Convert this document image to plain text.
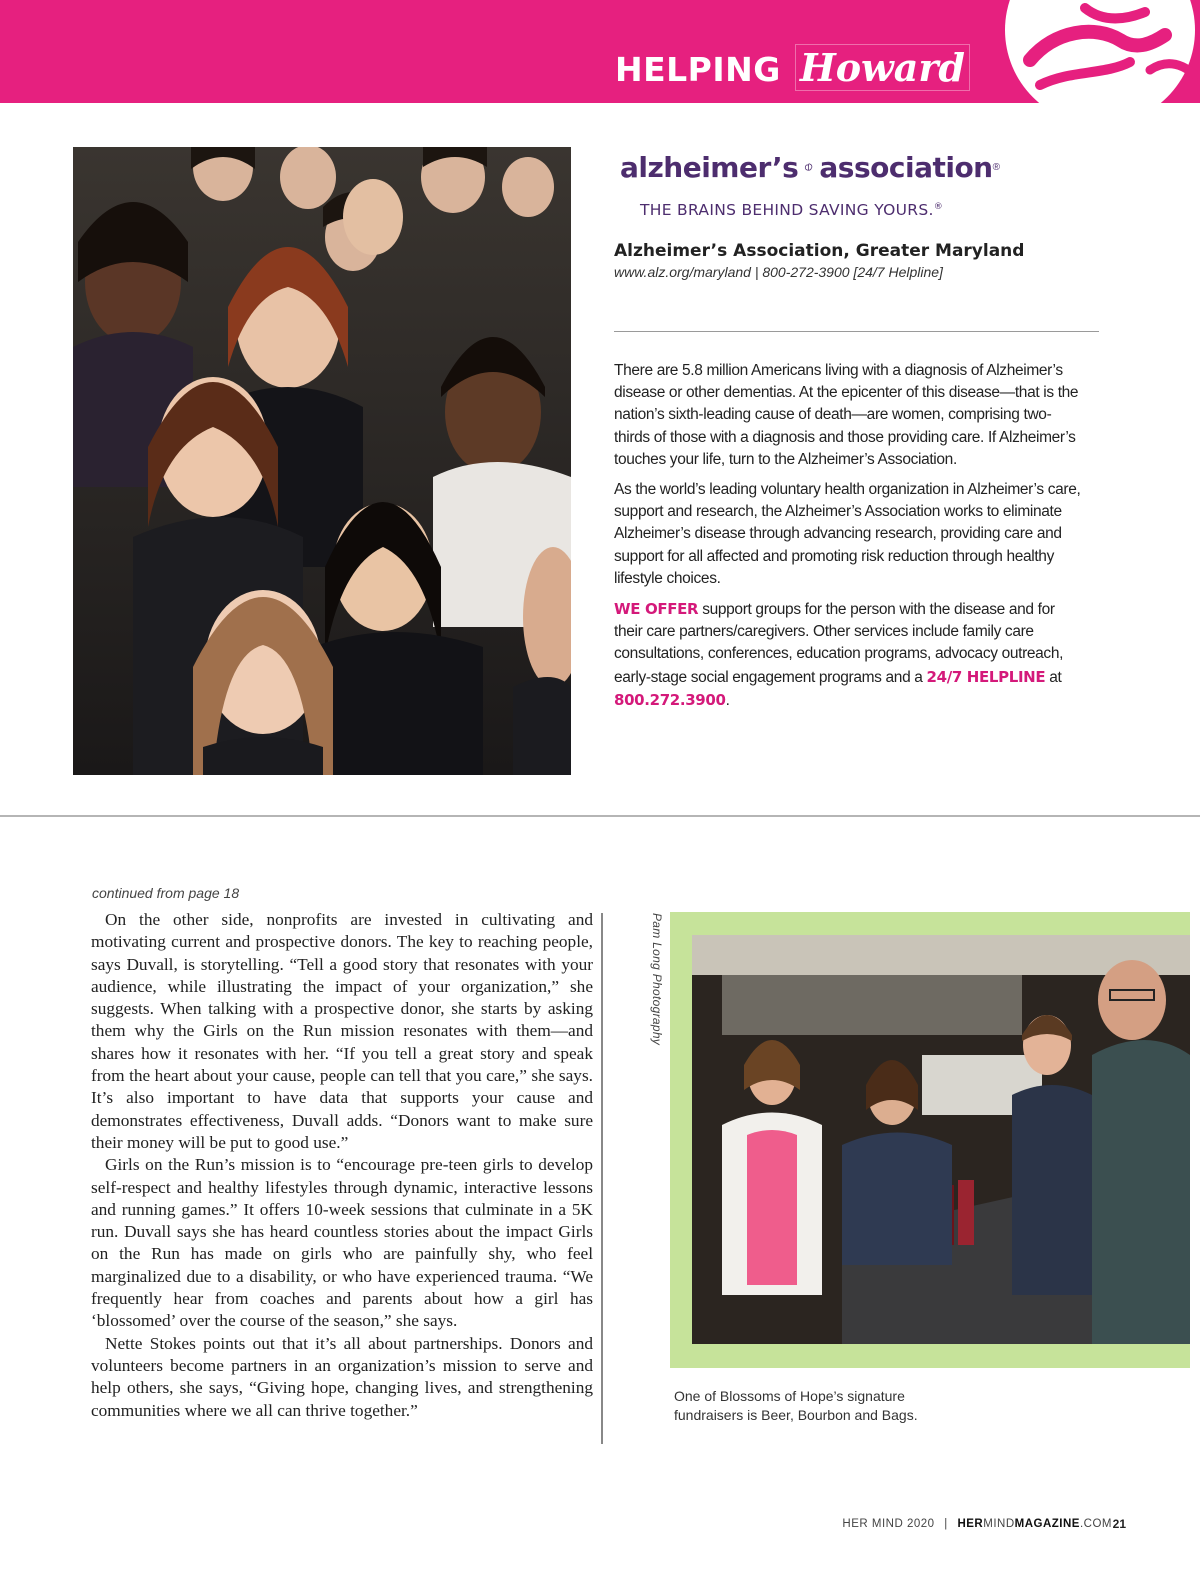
HELPING Howard
alzheimer’s association ®
THE BRAINS BEHIND SAVING YOURS.®
Alzheimer’s Association, Greater Maryland
www.alz.org/maryland | 800-272-3900 [24/7 Helpline]

There are 5.8 million Americans living with a diagnosis of Alzheimer’s disease or other dementias. At the epicenter of this disease—that is the nation’s sixth-leading cause of death—are women, comprising two-thirds of those with a diagnosis and those providing care. If Alzheimer’s touches your life, turn to the Alzheimer’s Association.

As the world’s leading voluntary health organization in Alzheimer’s care, support and research, the Alzheimer’s Association works to eliminate Alzheimer’s disease through advancing research, providing care and support for all affected and promoting risk reduction through healthy lifestyle choices.

WE OFFER support groups for the person with the disease and for their care partners/caregivers. Other services include family care consultations, conferences, education programs, advocacy outreach, early-stage social engagement programs and a 24/7 HELPLINE at 800.272.3900.

continued from page 18

On the other side, nonprofits are invested in cultivating and motivating current and prospective donors. The key to reaching people, says Duvall, is storytelling. “Tell a good story that resonates with your audience, while illustrating the impact of your organization,” she suggests. When talking with a prospective donor, she starts by asking them why the Girls on the Run mission resonates with them—and shares how it resonates with her. “If you tell a great story and speak from the heart about your cause, people can tell that you care,” she says. It’s also important to have data that supports your cause and demonstrates effectiveness, Duvall adds. “Donors want to make sure their money will be put to good use.”

Girls on the Run’s mission is to “encourage pre-teen girls to develop self-respect and healthy lifestyles through dynamic, interactive lessons and running games.” It offers 10-week sessions that culminate in a 5K run. Duvall says she has heard countless stories about the impact Girls on the Run has made on girls who are painfully shy, who feel marginalized due to a disability, or who have experienced trauma. “We frequently hear from coaches and parents about how a girl has ‘blossomed’ over the course of the season,” she says.

Nette Stokes points out that it’s all about partnerships. Donors and volunteers become partners in an organization’s mission to serve and help others, she says, “Giving hope, changing lives, and strengthening communities where we all can thrive together.”

Pam Long Photography
One of Blossoms of Hope’s signature fundraisers is Beer, Bourbon and Bags.
HER MIND 2020 | HERMINDMAGAZINE.COM 21
